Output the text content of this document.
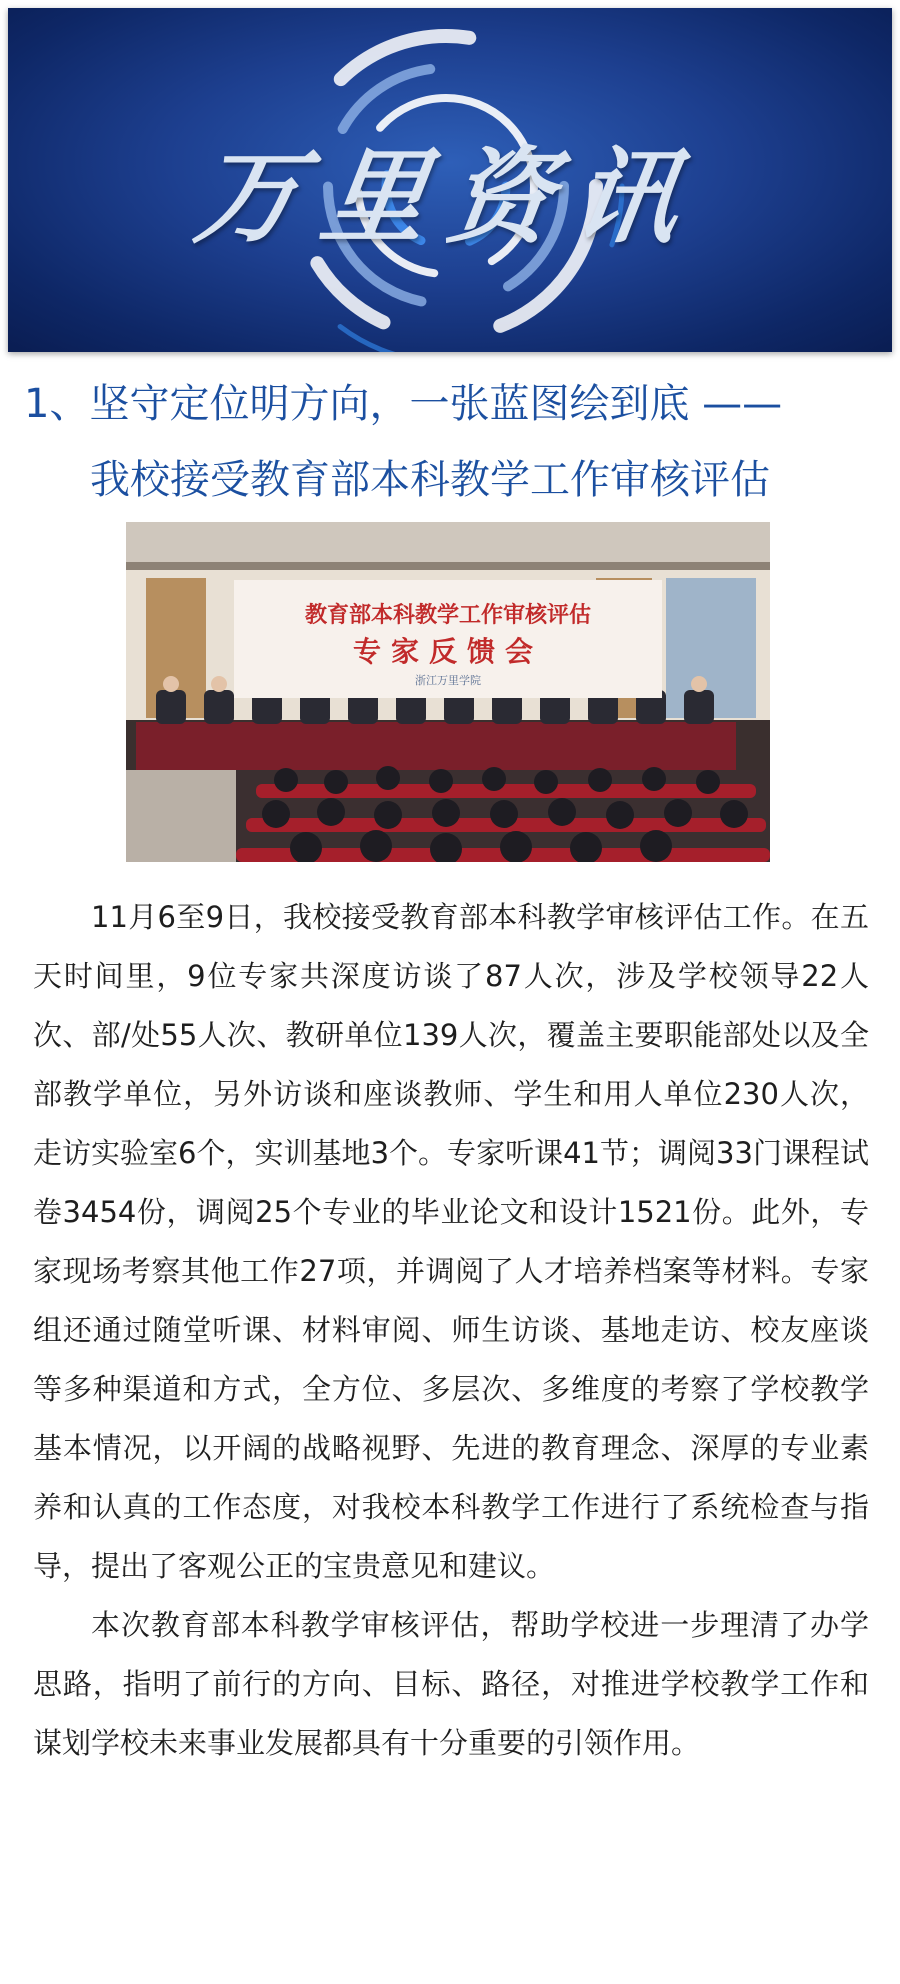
万里资讯
1、坚守定位明方向，一张蓝图绘到底 ——
我校接受教育部本科教学工作审核评估
教育部本科教学工作审核评估
专家反馈会
浙江万里学院

11月6至9日，我校接受教育部本科教学审核评估工作。在五天时间里，9位专家共深度访谈了87人次，涉及学校领导22人次、部/处55人次、教研单位139人次，覆盖主要职能部处以及全部教学单位，另外访谈和座谈教师、学生和用人单位230人次，走访实验室6个，实训基地3个。专家听课41节；调阅33门课程试卷3454份，调阅25个专业的毕业论文和设计1521份。此外，专家现场考察其他工作27项，并调阅了人才培养档案等材料。专家组还通过随堂听课、材料审阅、师生访谈、基地走访、校友座谈等多种渠道和方式，全方位、多层次、多维度的考察了学校教学基本情况，以开阔的战略视野、先进的教育理念、深厚的专业素养和认真的工作态度，对我校本科教学工作进行了系统检查与指导，提出了客观公正的宝贵意见和建议。

本次教育部本科教学审核评估，帮助学校进一步理清了办学思路，指明了前行的方向、目标、路径，对推进学校教学工作和谋划学校未来事业发展都具有十分重要的引领作用。
